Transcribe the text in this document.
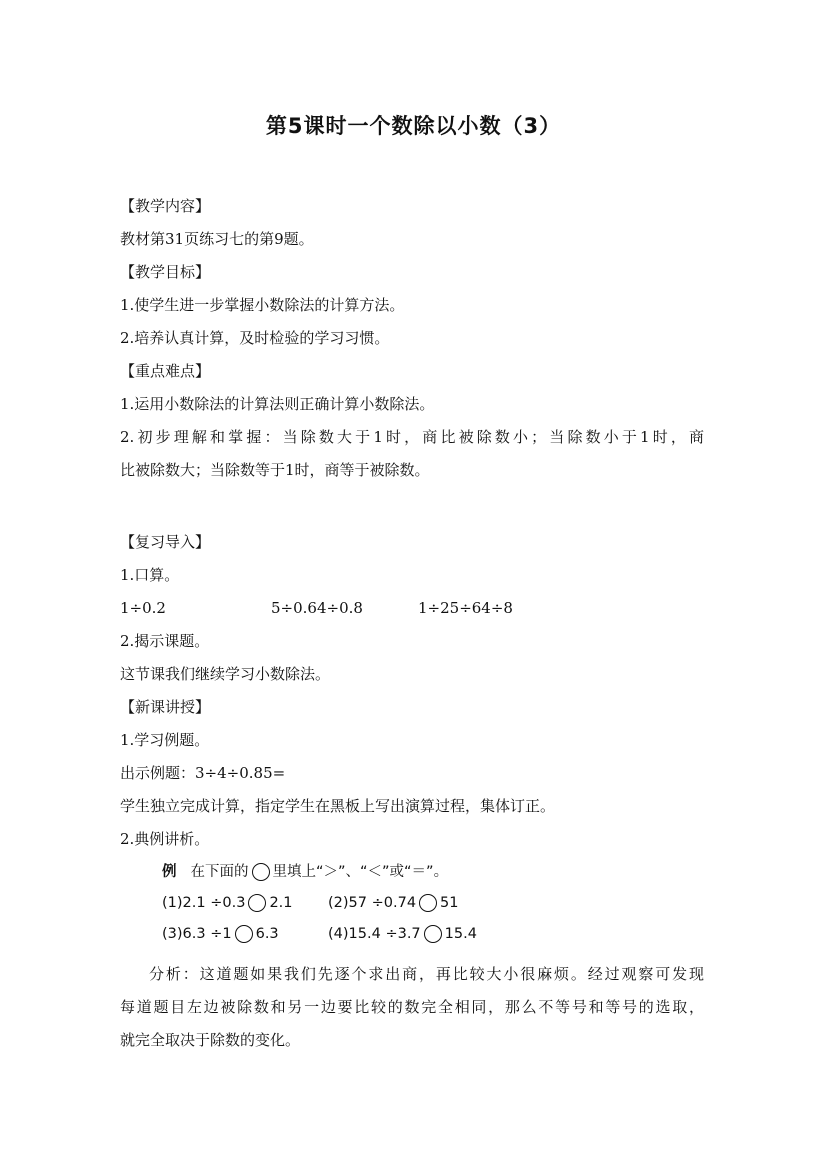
第5课时一个数除以小数（3）
【教学内容】
教材第31页练习七的第9题。
【教学目标】
1.使学生进一步掌握小数除法的计算方法。
2.培养认真计算，及时检验的学习习惯。
【重点难点】
1.运用小数除法的计算法则正确计算小数除法。
2.初步理解和掌握：当除数大于1时，商比被除数小；当除数小于1时，商
比被除数大；当除数等于1时，商等于被除数。
【复习导入】
1.口算。
1÷0.2	5÷0.64÷0.8	1÷25÷64÷8
2.揭示课题。
这节课我们继续学习小数除法。
【新课讲授】
1.学习例题。
出示例题：3÷4÷0.85=
学生独立完成计算，指定学生在黑板上写出演算过程，集体订正。
2.典例讲析。
例 在下面的 里填上“＞”、“＜”或“＝”。
(1)2.1 ÷0.3 2.1 (2)57 ÷0.74 51
(3)6.3 ÷1 6.3	(4)15.4 ÷3.7 15.4
分析：这道题如果我们先逐个求出商，再比较大小很麻烦。经过观察可发现
每道题目左边被除数和另一边要比较的数完全相同，那么不等号和等号的选取，
就完全取决于除数的变化。
